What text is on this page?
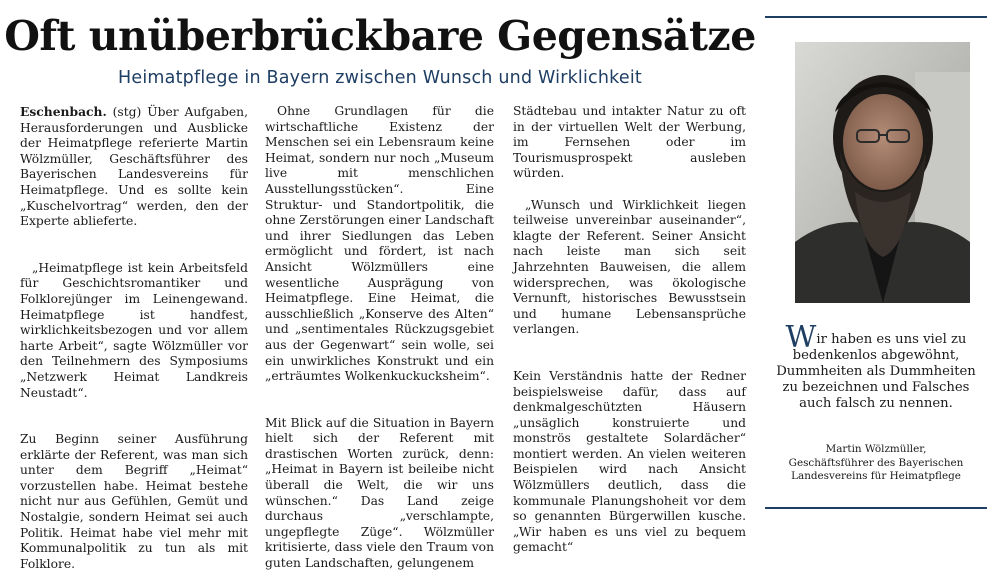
Oft unüberbrückbare Gegensätze
Heimatpflege in Bayern zwischen Wunsch und Wirklichkeit

Eschenbach. (stg) Über Aufgaben, Herausforderungen und Ausblicke der Heimatpflege referierte Martin Wölzmüller, Geschäftsführer des Bayerischen Landesvereins für Heimatpflege. Und es sollte kein „Kuschelvortrag“ werden, den der Experte ablieferte.

„Heimatpflege ist kein Arbeitsfeld für Geschichtsromantiker und Folklorejünger im Leinengewand. Heimatpflege ist handfest, wirklichkeitsbezogen und vor allem harte Arbeit“, sagte Wölzmüller vor den Teilnehmern des Symposiums „Netzwerk Heimat Landkreis Neustadt“.

Zu Beginn seiner Ausführung erklärte der Referent, was man sich unter dem Begriff „Heimat“ vorzustellen habe. Heimat bestehe nicht nur aus Gefühlen, Gemüt und Nostalgie, sondern Heimat sei auch Politik. Heimat habe viel mehr mit Kommunalpolitik zu tun als mit Folklore.

Ohne Grundlagen für die wirtschaftliche Existenz der Menschen sei ein Lebensraum keine Heimat, sondern nur noch „Museum live mit menschlichen Ausstellungsstücken“. Eine Struktur- und Standortpolitik, die ohne Zerstörungen einer Landschaft und ihrer Siedlungen das Leben ermöglicht und fördert, ist nach Ansicht Wölzmüllers eine wesentliche Ausprägung von Heimatpflege. Eine Heimat, die ausschließlich „Konserve des Alten“ und „sentimentales Rückzugsgebiet aus der Gegenwart“ sein wolle, sei ein unwirkliches Konstrukt und ein „erträumtes Wolkenkuckucksheim“.

Mit Blick auf die Situation in Bayern hielt sich der Referent mit drastischen Worten zurück, denn: „Heimat in Bayern ist beileibe nicht überall die Welt, die wir uns wünschen.“ Das Land zeige durchaus „verschlampte, ungepflegte Züge“. Wölzmüller kritisierte, dass viele den Traum von guten Landschaften, gelungenem

Städtebau und intakter Natur zu oft in der virtuellen Welt der Werbung, im Fernsehen oder im Tourismusprospekt ausleben würden.

„Wunsch und Wirklichkeit liegen teilweise unvereinbar auseinander“, klagte der Referent. Seiner Ansicht nach leiste man sich seit Jahrzehnten Bauweisen, die allem widersprechen, was ökologische Vernunft, historisches Bewusstsein und humane Lebensansprüche verlangen.

Kein Verständnis hatte der Redner beispielsweise dafür, dass auf denkmalgeschützten Häusern „unsäglich konstruierte und monströs gestaltete Solardächer“ montiert werden. An vielen weiteren Beispielen wird nach Ansicht Wölzmüllers deutlich, dass die kommunale Planungshoheit vor dem so genannten Bürgerwillen kusche. „Wir haben es uns viel zu bequem gemacht“

Wir haben es uns viel zu bedenkenlos abgewöhnt, Dummheiten als Dummheiten zu bezeichnen und Falsches auch falsch zu nennen.
Martin Wölzmüller,
Geschäftsführer des Bayerischen Landesvereins für Heimatpflege
